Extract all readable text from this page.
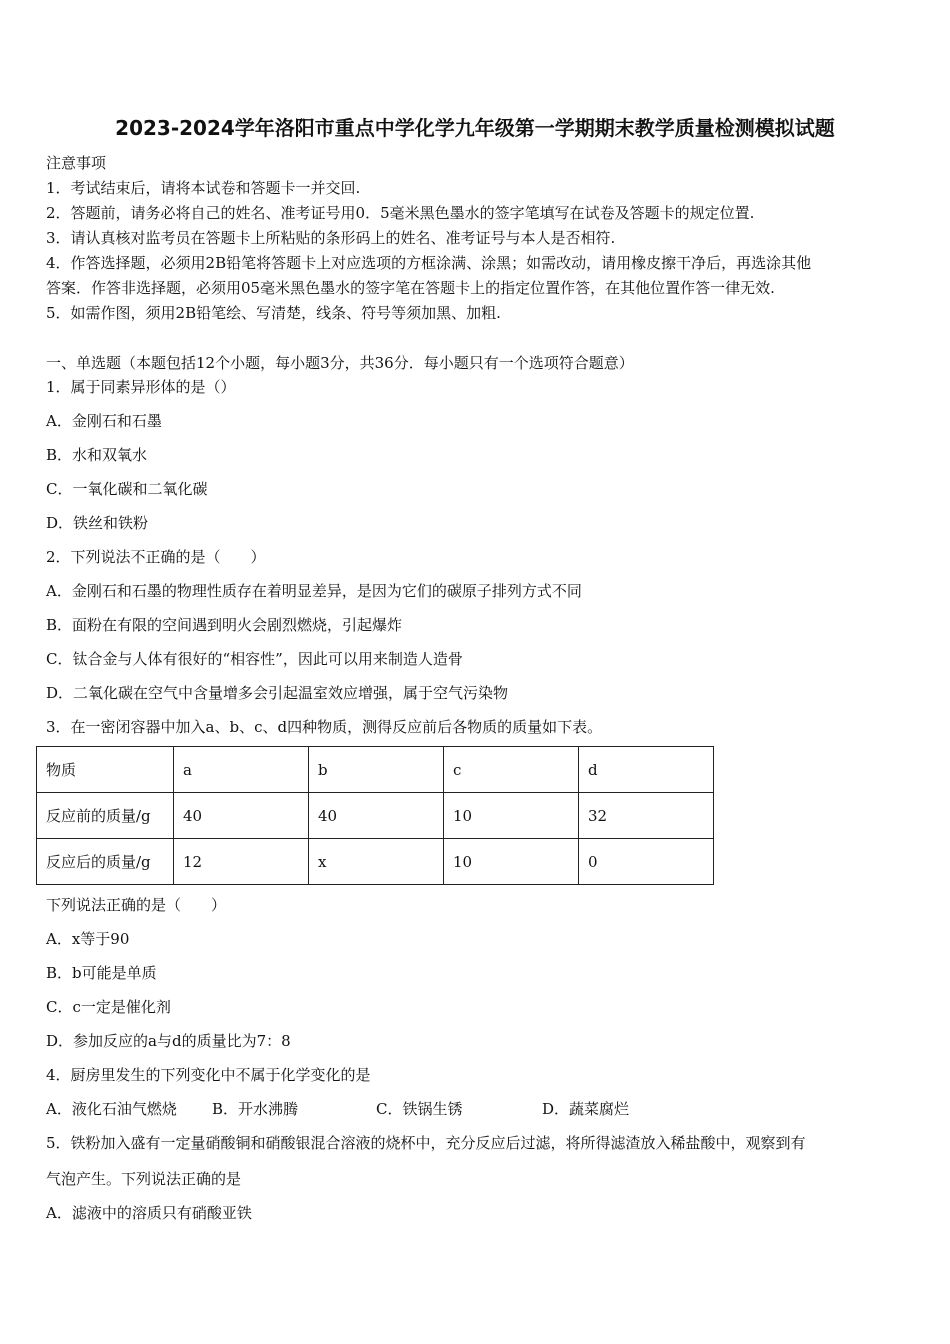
2023-2024学年洛阳市重点中学化学九年级第一学期期末教学质量检测模拟试题
注意事项
1．考试结束后，请将本试卷和答题卡一并交回.
2．答题前，请务必将自己的姓名、准考证号用0．5毫米黑色墨水的签字笔填写在试卷及答题卡的规定位置.
3．请认真核对监考员在答题卡上所粘贴的条形码上的姓名、准考证号与本人是否相符.
4．作答选择题，必须用2B铅笔将答题卡上对应选项的方框涂满、涂黑；如需改动，请用橡皮擦干净后，再选涂其他
答案．作答非选择题，必须用05毫米黑色墨水的签字笔在答题卡上的指定位置作答，在其他位置作答一律无效.
5．如需作图，须用2B铅笔绘、写清楚，线条、符号等须加黑、加粗.
一、单选题（本题包括12个小题，每小题3分，共36分．每小题只有一个选项符合题意）
1．属于同素异形体的是（）
A．金刚石和石墨
B．水和双氧水
C．一氧化碳和二氧化碳
D．铁丝和铁粉
2．下列说法不正确的是（　　）
A．金刚石和石墨的物理性质存在着明显差异，是因为它们的碳原子排列方式不同
B．面粉在有限的空间遇到明火会剧烈燃烧，引起爆炸
C．钛合金与人体有很好的“相容性”，因此可以用来制造人造骨
D．二氧化碳在空气中含量增多会引起温室效应增强，属于空气污染物
3．在一密闭容器中加入a、b、c、d四种物质，测得反应前后各物质的质量如下表。
物质	a	b	c	d
反应前的质量/g	40	40	10	32
反应后的质量/g	12	x	10	0
下列说法正确的是（　　）
A．x等于90
B．b可能是单质
C．c一定是催化剂
D．参加反应的a与d的质量比为7：8
4．厨房里发生的下列变化中不属于化学变化的是
A．液化石油气燃烧 B．开水沸腾	C．铁锅生锈	D．蔬菜腐烂
5．铁粉加入盛有一定量硝酸铜和硝酸银混合溶液的烧杯中，充分反应后过滤，将所得滤渣放入稀盐酸中，观察到有
气泡产生。下列说法正确的是
A．滤液中的溶质只有硝酸亚铁
